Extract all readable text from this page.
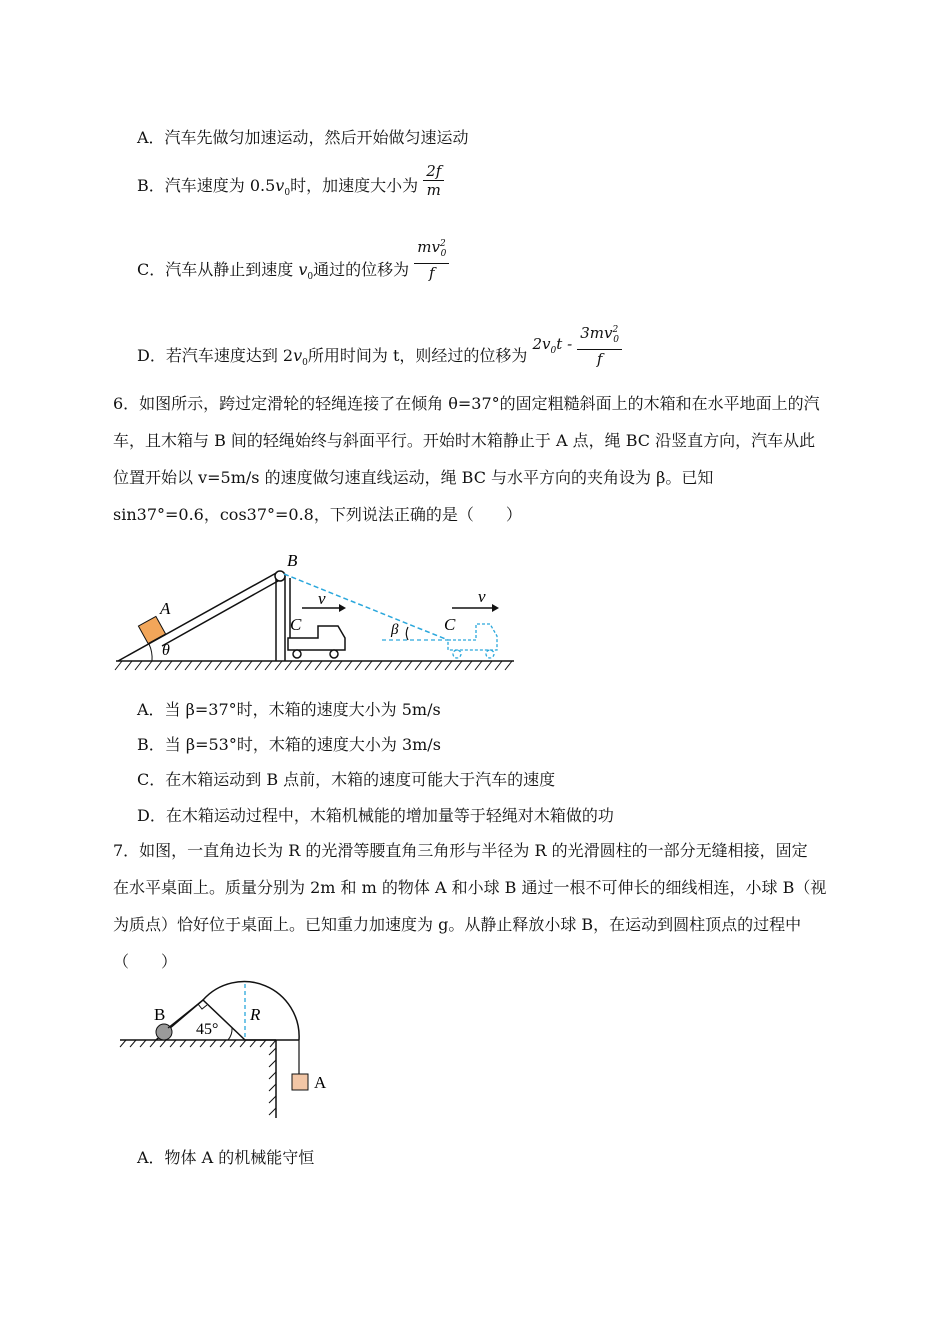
A．汽车先做匀加速运动，然后开始做匀速运动
B．汽车速度为 $0.5v_0$时，加速度大小为 $\frac{2f}{m}$
C．汽车从静止到速度 $v_0$通过的位移为 $\frac{mv^2_0}{f}$
D．若汽车速度达到 $2v_0$所用时间为 t，则经过的位移为 $2v_0t - \frac{3mv^2_0}{f}$
6．如图所示，跨过定滑轮的轻绳连接了在倾角 θ=37°的固定粗糙斜面上的木箱和在水平地面上的汽
车，且木箱与 B 间的轻绳始终与斜面平行。开始时木箱静止于 A 点，绳 BC 沿竖直方向，汽车从此
位置开始以 v=5m/s 的速度做匀速直线运动，绳 BC 与水平方向的夹角设为 β。已知
sin37°=0.6，cos37°=0.8，下列说法正确的是（　　）
B
A
θ
C	C
v	v
β
A．当 β=37°时，木箱的速度大小为 5m/s
B．当 β=53°时，木箱的速度大小为 3m/s
C．在木箱运动到 B 点前，木箱的速度可能大于汽车的速度
D．在木箱运动过程中，木箱机械能的增加量等于轻绳对木箱做的功
7．如图，一直角边长为 R 的光滑等腰直角三角形与半径为 R 的光滑圆柱的一部分无缝相接，固定
在水平桌面上。质量分别为 2m 和 m 的物体 A 和小球 B 通过一根不可伸长的细线相连，小球 B（视
为质点）恰好位于桌面上。已知重力加速度为 g。从静止释放小球 B，在运动到圆柱顶点的过程中
（　　）
B
45°
R
A
A．物体 A 的机械能守恒
